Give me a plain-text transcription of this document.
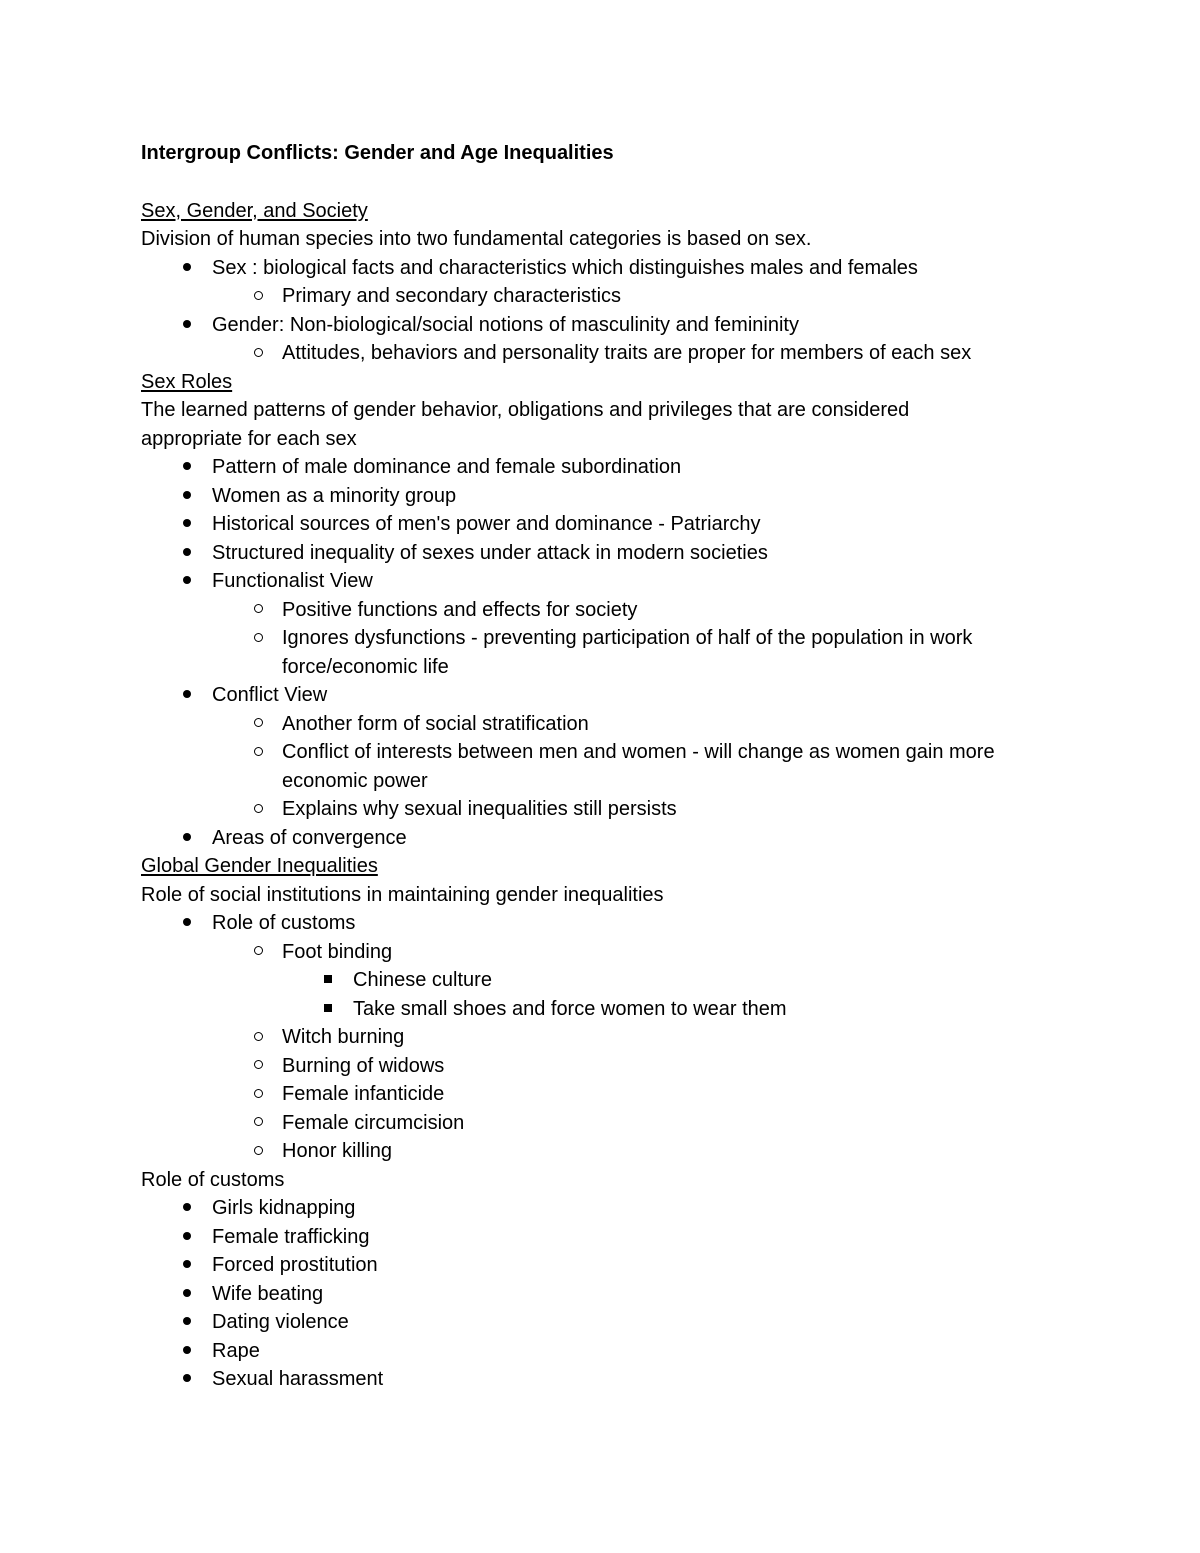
Intergroup Conflicts: Gender and Age Inequalities

Sex, Gender, and Society

Division of human species into two fundamental categories is based on sex.

Sex : biological facts and characteristics which distinguishes males and females
Primary and secondary characteristics
Gender: Non-biological/social notions of masculinity and femininity
Attitudes, behaviors and personality traits are proper for members of each sex

Sex Roles

The learned patterns of gender behavior, obligations and privileges that are considered appropriate for each sex

Pattern of male dominance and female subordination
Women as a minority group
Historical sources of men's power and dominance - Patriarchy
Structured inequality of sexes under attack in modern societies
Functionalist View
Positive functions and effects for society
Ignores dysfunctions - preventing participation of half of the population in work force/economic life
Conflict View
Another form of social stratification
Conflict of interests between men and women - will change as women gain more economic power
Explains why sexual inequalities still persists
Areas of convergence

Global Gender Inequalities

Role of social institutions in maintaining gender inequalities

Role of customs
Foot binding
Chinese culture
Take small shoes and force women to wear them
Witch burning
Burning of widows
Female infanticide
Female circumcision
Honor killing

Role of customs

Girls kidnapping
Female trafficking
Forced prostitution
Wife beating
Dating violence
Rape
Sexual harassment
